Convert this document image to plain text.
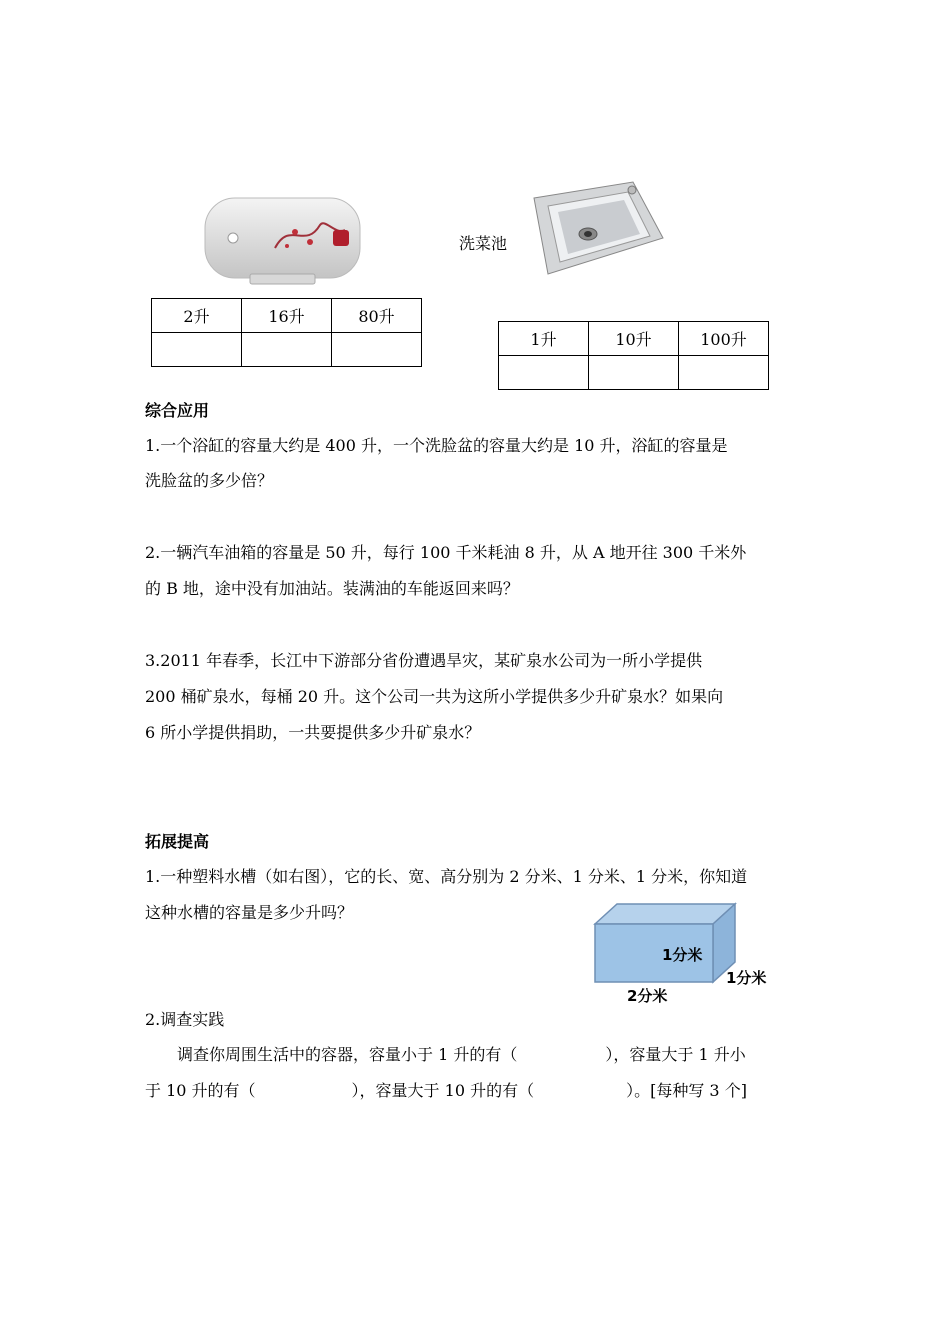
2升	16升	80升

洗菜池
1升	10升	100升

综合应用
1.一个浴缸的容量大约是 400 升，一个洗脸盆的容量大约是 10 升，浴缸的容量是
洗脸盆的多少倍？
2.一辆汽车油箱的容量是 50 升，每行 100 千米耗油 8 升，从 A 地开往 300 千米外
的 B 地，途中没有加油站。装满油的车能返回来吗？
3.2011 年春季，长江中下游部分省份遭遇旱灾，某矿泉水公司为一所小学提供
200 桶矿泉水，每桶 20 升。这个公司一共为这所小学提供多少升矿泉水？如果向
6 所小学提供捐助，一共要提供多少升矿泉水？
拓展提高
1.一种塑料水槽（如右图），它的长、宽、高分别为 2 分米、1 分米、1 分米，你知道
这种水槽的容量是多少升吗？
1分米
1分米
2分米
2.调查实践
调查你周围生活中的容器，容量小于 1 升的有（	），容量大于 1 升小
于 10 升的有（	），容量大于 10 升的有（	）。[每种写 3 个]
